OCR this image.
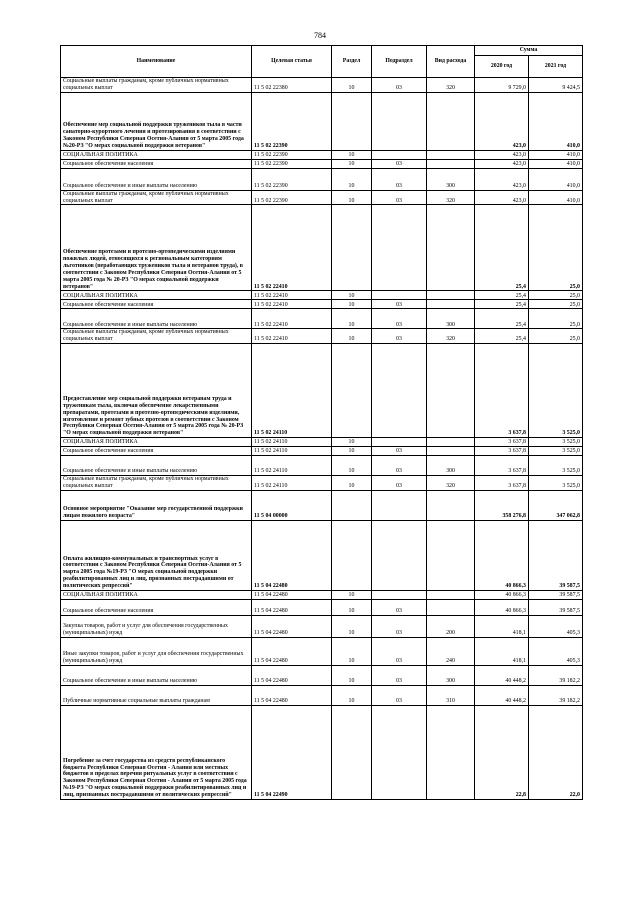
784
Наименование	Целевая статья	Раздел	Подраздел	Вид расхода	Сумма	
					2020 год	2021 год
Социальные выплаты гражданам, кроме публичных нормативных социальных выплат	11 5 02 22380	10	03	320	9 729,0	9 424,5
Обеспечение мер социальной поддержки тружеников тыла в части санаторно-курортного лечения и протезирования в соответствии с Законом Республики Северная Осетия-Алания от 5 марта 2005 года №20-РЗ "О мерах социальной поддержки ветеранов"	11 5 02 22390				423,0	410,0
СОЦИАЛЬНАЯ ПОЛИТИКА	11 5 02 22390	10			423,0	410,0
Социальное обеспечение населения	11 5 02 22390	10	03		423,0	410,0
Социальное обеспечение и иные выплаты населению	11 5 02 22390	10	03	300	423,0	410,0
Социальные выплаты гражданам, кроме публичных нормативных социальных выплат	11 5 02 22390	10	03	320	423,0	410,0
Обеспечение протезами и протезно-ортопедическими изделиями пожилых людей, относящихся к региональным категориям льготников (неработающих тружеников тыла и ветеранов труда), в соответствии с Законом Республики Северная Осетия-Алания от 5 марта 2005 года № 20-РЗ "О мерах социальной поддержки ветеранов"	11 5 02 22410				25,4	25,0
СОЦИАЛЬНАЯ ПОЛИТИКА	11 5 02 22410	10			25,4	25,0
Социальное обеспечение населения	11 5 02 22410	10	03		25,4	25,0
Социальное обеспечение и иные выплаты населению	11 5 02 22410	10	03	300	25,4	25,0
Социальные выплаты гражданам, кроме публичных нормативных социальных выплат	11 5 02 22410	10	03	320	25,4	25,0
Предоставление мер социальной поддержки ветеранам труда и труженикам тыла, включая обеспечение лекарственными препаратами, протезами и протезно-ортопедическими изделиями, изготовление и ремонт зубных протезов в соответствии с Законом Республики Северная Осетия-Алания от 5 марта 2005 года № 20-РЗ "О мерах социальной поддержки ветеранов"	11 5 02 24110				3 637,8	3 525,0
СОЦИАЛЬНАЯ ПОЛИТИКА	11 5 02 24110	10			3 637,8	3 525,0
Социальное обеспечение населения	11 5 02 24110	10	03		3 637,8	3 525,0
Социальное обеспечение и иные выплаты населению	11 5 02 24110	10	03	300	3 637,8	3 525,0
Социальные выплаты гражданам, кроме публичных нормативных социальных выплат	11 5 02 24110	10	03	320	3 637,8	3 525,0
Основное мероприятие "Оказание мер государственной поддержки лицам пожилого возраста"	11 5 04 00000				358 276,8	347 062,8
Оплата жилищно-коммунальных и транспортных услуг в соответствии с Законом Республики Северная Осетия-Алания от 5 марта 2005 года №19-РЗ "О мерах социальной поддержки реабилитированных лиц и лиц, признанных пострадавшими от политических репрессий"	11 5 04 22480				40 866,3	39 587,5
СОЦИАЛЬНАЯ ПОЛИТИКА	11 5 04 22480	10			40 866,3	39 587,5
Социальное обеспечение населения	11 5 04 22480	10	03		40 866,3	39 587,5
Закупка товаров, работ и услуг для обеспечения государственных (муниципальных) нужд	11 5 04 22480	10	03	200	418,1	405,3
Иные закупки товаров, работ и услуг для обеспечения государственных (муниципальных) нужд	11 5 04 22480	10	03	240	418,1	405,3
Социальное обеспечение и иные выплаты населению	11 5 04 22480	10	03	300	40 448,2	39 182,2
Публичные нормативные социальные выплаты гражданам	11 5 04 22480	10	03	310	40 448,2	39 182,2
Погребение за счет государства из средств республиканского бюджета Республики Северная Осетия - Алания или местных бюджетов в пределах перечня ритуальных услуг в соответствии с Законом Республики Северная Осетия - Алания от 5 марта 2005 года №19-РЗ "О мерах социальной поддержки реабилитированных лиц и лиц, признанных пострадавшими от политических репрессий"	11 5 04 22490				22,8	22,0
